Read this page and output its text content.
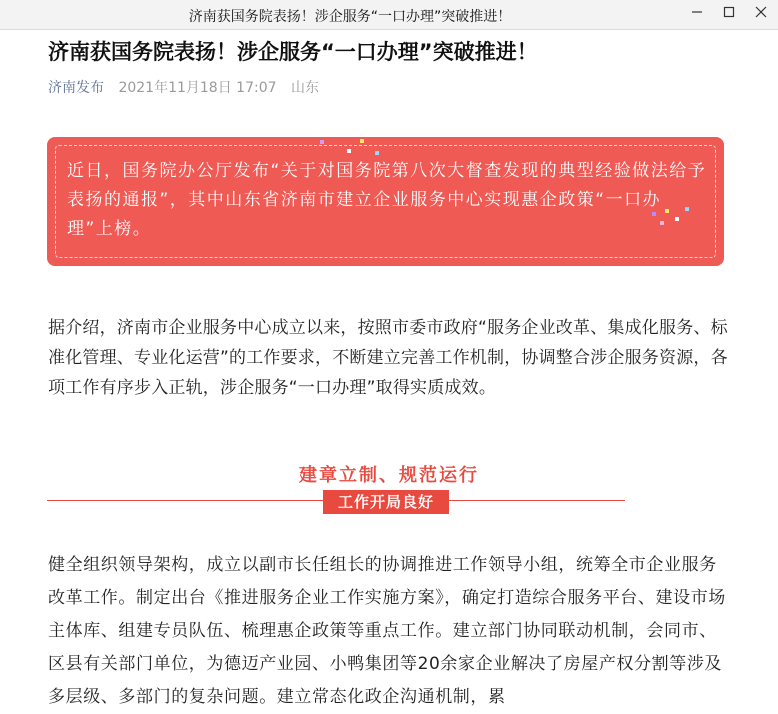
济南获国务院表扬！涉企服务“一口办理”突破推进！
济南获国务院表扬！涉企服务“一口办理”突破推进！
济南发布 2021年11月18日 17:07 山东
近日，国务院办公厅发布“关于对国务院第八次大督查发现的典型经验做法给予表扬的通报”，其中山东省济南市建立企业服务中心实现惠企政策“一口办理”上榜。
据介绍，济南市企业服务中心成立以来，按照市委市政府“服务企业改革、集成化服务、标准化管理、专业化运营”的工作要求，不断建立完善工作机制，协调整合涉企服务资源，各项工作有序步入正轨，涉企服务“一口办理”取得实质成效。
建章立制、规范运行
工作开局良好
健全组织领导架构，成立以副市长任组长的协调推进工作领导小组，统筹全市企业服务改革工作。制定出台《推进服务企业工作实施方案》，确定打造综合服务平台、建设市场主体库、组建专员队伍、梳理惠企政策等重点工作。建立部门协同联动机制，会同市、区县有关部门单位，为德迈产业园、小鸭集团等20余家企业解决了房屋产权分割等涉及多层级、多部门的复杂问题。建立常态化政企沟通机制，累
